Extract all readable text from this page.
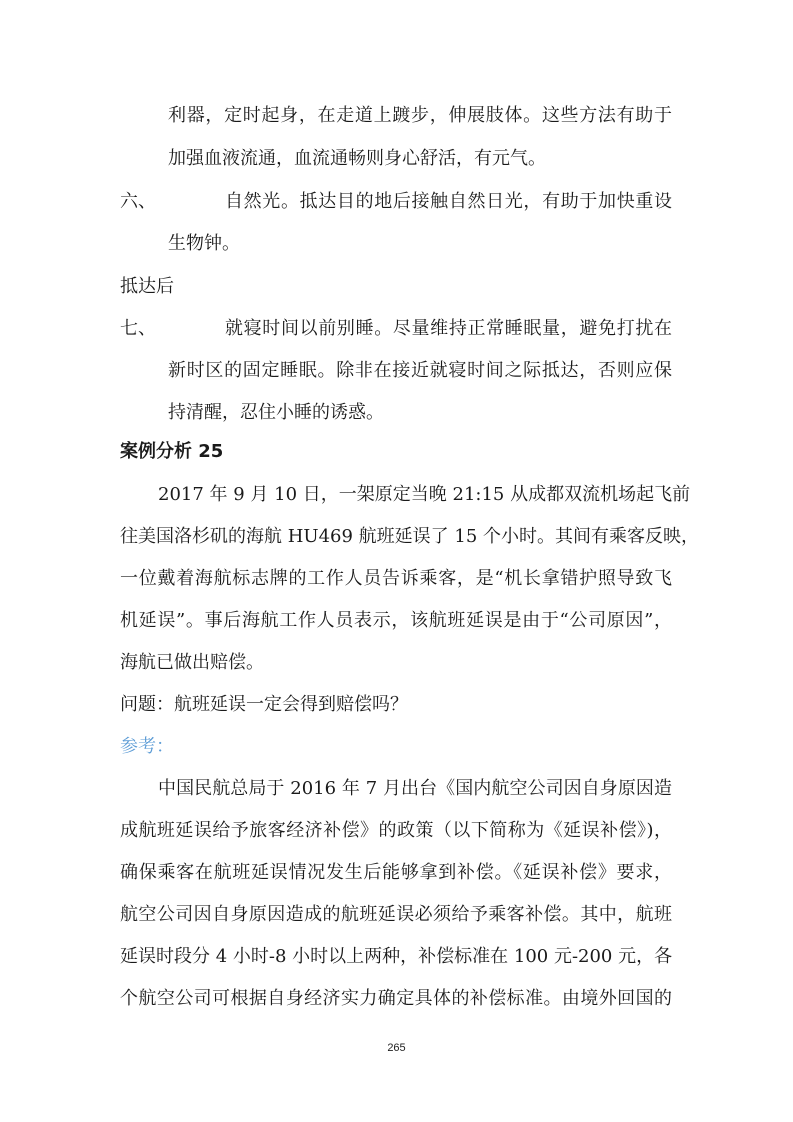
利器，定时起身，在走道上踱步，伸展肢体。这些方法有助于
加强血液流通，血流通畅则身心舒活，有元气。
六、	自然光。抵达目的地后接触自然日光，有助于加快重设
生物钟。
抵达后
七、	就寝时间以前别睡。尽量维持正常睡眠量，避免打扰在
新时区的固定睡眠。除非在接近就寝时间之际抵达，否则应保
持清醒，忍住小睡的诱惑。
案例分析 25
2017 年 9 月 10 日，一架原定当晚 21:15 从成都双流机场起飞前
往美国洛杉矶的海航 HU469 航班延误了 15 个小时。其间有乘客反映，
一位戴着海航标志牌的工作人员告诉乘客，是“机长拿错护照导致飞
机延误”。事后海航工作人员表示，该航班延误是由于“公司原因”，
海航已做出赔偿。
问题：航班延误一定会得到赔偿吗？
参考：
中国民航总局于 2016 年 7 月出台《国内航空公司因自身原因造
成航班延误给予旅客经济补偿》的政策（以下简称为《延误补偿》)，
确保乘客在航班延误情况发生后能够拿到补偿。《延误补偿》要求，
航空公司因自身原因造成的航班延误必须给予乘客补偿。其中，航班
延误时段分 4 小时-8 小时以上两种，补偿标准在 100 元-200 元，各
个航空公司可根据自身经济实力确定具体的补偿标准。由境外回国的
265
